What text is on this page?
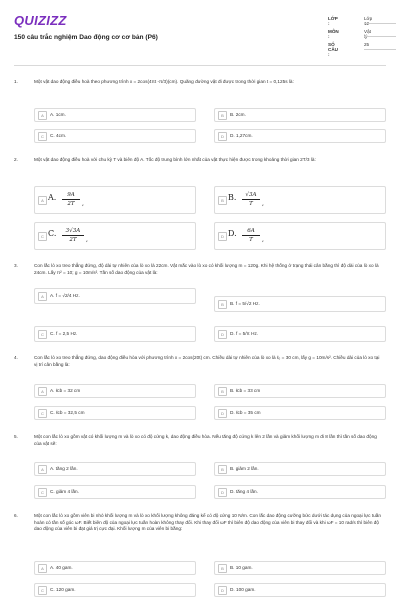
QUIZIZZ
150 câu trắc nghiệm Dao động cơ cơ bản (P6)
LỚP :
Lớp 12
MÔN :
Vật lý
SỐ CÂU :
25
1.	Một vật dao động điều hoà theo phương trình x = 2cos(4πt -π/3)(cm). Quãng đường vật đi được trong thời gian t = 0,125s là:
A	A. 1cm.	B	B. 2cm.
C	C. 4cm.	D	D. 1,27cm.
2.	Một vật dao động điều hoà với chu kỳ T và biên độ A. Tốc độ trung bình lớn nhất của vật thực hiện được trong khoảng thời gian 2T/3 là:
A A.	9A
2T	,	B B.	√3A
T	,
C C.	3√3A
2T	,	D D.	6A
T	,
3.	Con lắc lò xo treo thẳng đứng, độ dài tự nhiên của lò xo là 22cm. Vật mắc vào lò xo có khối lượng m = 120g. Khi hệ thống ở trạng thái cân bằng thì độ dài của lò xo là 24cm. Lấy π² = 10; g = 10m/s². Tần số dao động của vật là:
A	A. f = √2/4 Hz.
B	B. f = 5/√2 Hz.
C	C. f = 2,5 Hz.	D	D. f = 5/π Hz.
4.	Con lắc lò xo treo thẳng đứng, dao động điều hòa với phương trình x = 2cos(20t) cm. Chiều dài tự nhiên của lò xo là ℓ₀ = 30 cm, lấy g = 10m/s². Chiều dài của lò xo tại vị trí cân bằng là:
A	A. ℓcb = 32 cm	B	B. ℓcb = 33 cm
C	C. ℓcb = 32,5 cm	D	D. ℓcb = 35 cm
5.	Một con lắc lò xo gồm vật có khối lượng m và lò xo có độ cứng k, dao động điều hòa. Nếu tăng độ cứng k lên 2 lần và giảm khối lượng m đi 8 lần thì tần số dao động của vật sẽ:
A	A. tăng 2 lần.	B	B. giảm 2 lần.
C	C. giảm 4 lần.	D	D. tăng 4 lần.
6.	Một con lắc lò xo gồm viên bi nhỏ khối lượng m và lò xo khối lượng không đáng kể có độ cứng 10 N/m. Con lắc dao động cưỡng bức dưới tác dụng của ngoại lực tuần hoàn có tần số góc ωF. Biết biên độ của ngoại lực tuần hoàn không thay đổi. Khi thay đổi ωF thì biên độ dao động của viên bi thay đổi và khi ωF = 10 rad/s thì biên độ dao động của viên bi đạt giá trị cực đại. Khối lượng m của viên bi bằng:
A	A. 40 gam.	B	B. 10 gam.
C	C. 120 gam.	D	D. 100 gam.
